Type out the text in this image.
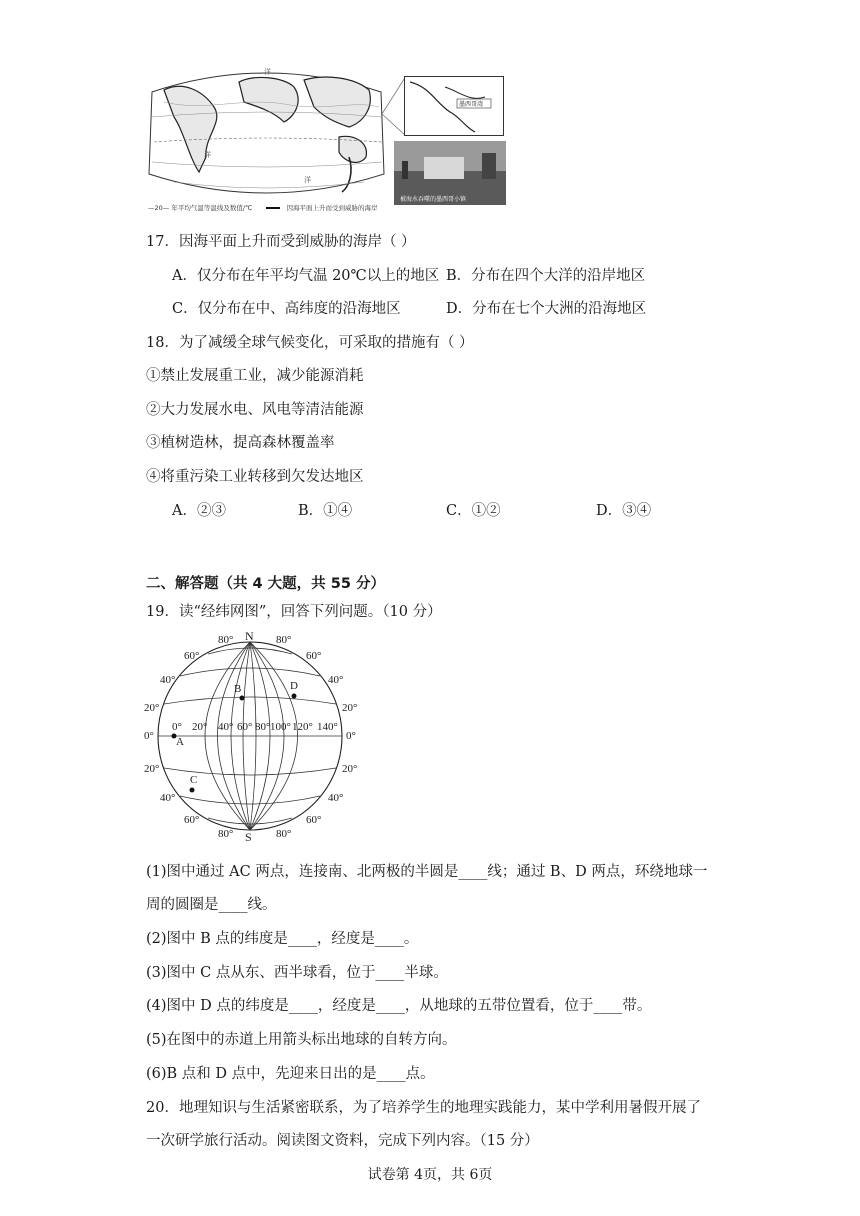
洋
洋
洋
墨西哥湾
被海水吞噬的墨西哥小镇
—20— 年平均气温等温线及数值/℃	因海平面上升而受到威胁的海岸
17．因海平面上升而受到威胁的海岸（ ）
A．仅分布在年平均气温 20℃以上的地区 B．分布在四个大洋的沿岸地区
C．仅分布在中、高纬度的沿海地区	D．分布在七个大洲的沿海地区
18．为了减缓全球气候变化，可采取的措施有（ ）
①禁止发展重工业，减少能源消耗
②大力发展水电、风电等清洁能源
③植树造林，提高森林覆盖率
④将重污染工业转移到欠发达地区
A．②③	B．①④	C．①②	D．③④
二、解答题（共 4 大题，共 55 分）
19．读“经纬网图”，回答下列问题。（10 分）
N
S
80°
60°
40°
20°
80°
60°
40°
20°
0°	0°
20°
40°
60°
80°
20°
40°
60°
80°
0° 20° 40° 60° 80° 100° 120° 140°
A
B
C
D
(1)图中通过 AC 两点，连接南、北两极的半圆是____线；通过 B、D 两点，环绕地球一
周的圆圈是____线。
(2)图中 B 点的纬度是____，经度是____。
(3)图中 C 点从东、西半球看，位于____半球。
(4)图中 D 点的纬度是____，经度是____，从地球的五带位置看，位于____带。
(5)在图中的赤道上用箭头标出地球的自转方向。
(6)B 点和 D 点中，先迎来日出的是____点。
20．地理知识与生活紧密联系，为了培养学生的地理实践能力，某中学利用暑假开展了
一次研学旅行活动。阅读图文资料，完成下列内容。（15 分）
试卷第 4页，共 6页
